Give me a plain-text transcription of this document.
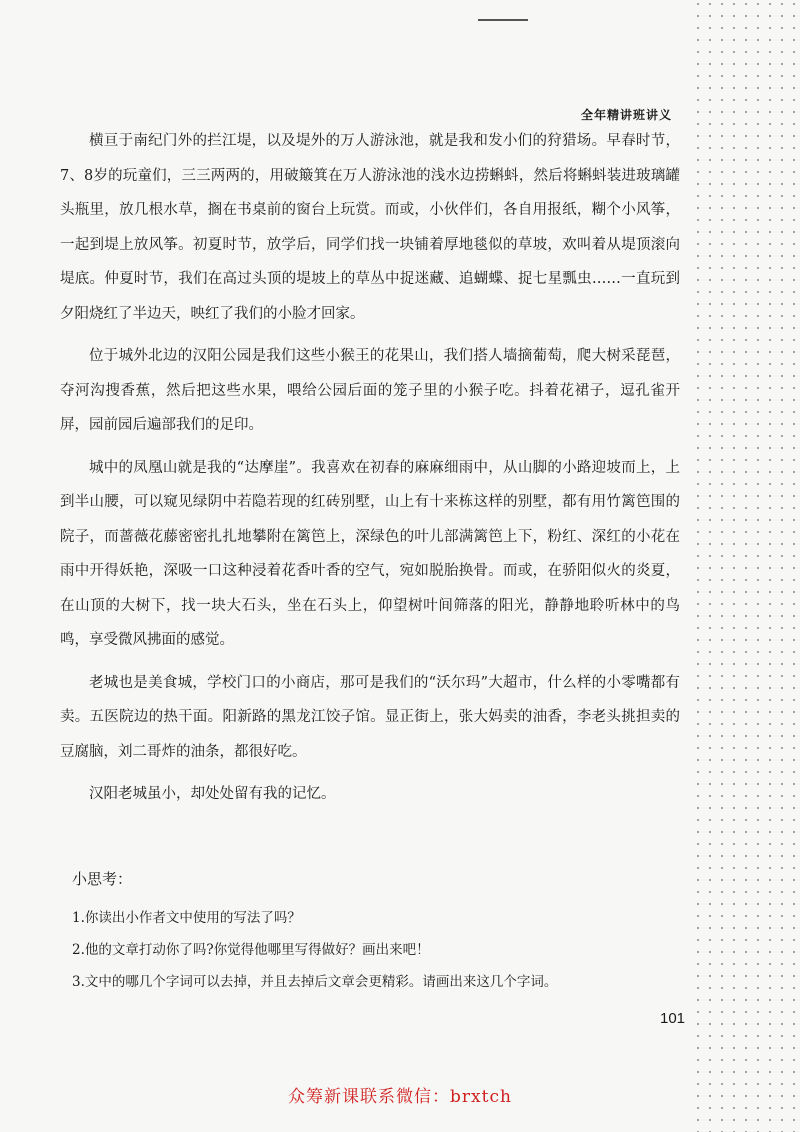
全年精讲班讲义

横亘于南纪门外的拦江堤，以及堤外的万人游泳池，就是我和发小们的狩猎场。早春时节，7、8岁的玩童们，三三两两的，用破簸箕在万人游泳池的浅水边捞蝌蚪，然后将蝌蚪装进玻璃罐头瓶里，放几根水草，搁在书桌前的窗台上玩赏。而或，小伙伴们，各自用报纸，糊个小风筝，一起到堤上放风筝。初夏时节，放学后，同学们找一块铺着厚地毯似的草坡，欢叫着从堤顶滚向堤底。仲夏时节，我们在高过头顶的堤坡上的草丛中捉迷藏、追蝴蝶、捉七星瓢虫……一直玩到夕阳烧红了半边天，映红了我们的小脸才回家。

位于城外北边的汉阳公园是我们这些小猴王的花果山，我们搭人墙摘葡萄，爬大树采琵琶，夺河沟搜香蕉，然后把这些水果，喂给公园后面的笼子里的小猴子吃。抖着花裙子，逗孔雀开屏，园前园后遍部我们的足印。

城中的凤凰山就是我的“达摩崖”。我喜欢在初春的麻麻细雨中，从山脚的小路迎坡而上，上到半山腰，可以窥见绿阴中若隐若现的红砖别墅，山上有十来栋这样的别墅，都有用竹篱笆围的院子，而蔷薇花藤密密扎扎地攀附在篱笆上，深绿色的叶儿部满篱笆上下，粉红、深红的小花在雨中开得妖艳，深吸一口这种浸着花香叶香的空气，宛如脱胎换骨。而或，在骄阳似火的炎夏，在山顶的大树下，找一块大石头，坐在石头上，仰望树叶间筛落的阳光，静静地聆听林中的鸟鸣，享受微风拂面的感觉。

老城也是美食城，学校门口的小商店，那可是我们的“沃尔玛”大超市，什么样的小零嘴都有卖。五医院边的热干面。阳新路的黑龙江饺子馆。显正街上，张大妈卖的油香，李老头挑担卖的豆腐脑，刘二哥炸的油条，都很好吃。

汉阳老城虽小，却处处留有我的记忆。

小思考：
1.你读出小作者文中使用的写法了吗？
2.他的文章打动你了吗?你觉得他哪里写得做好？画出来吧！
3.文中的哪几个字词可以去掉，并且去掉后文章会更精彩。请画出来这几个字词。
101
众筹新课联系微信：brxtch
